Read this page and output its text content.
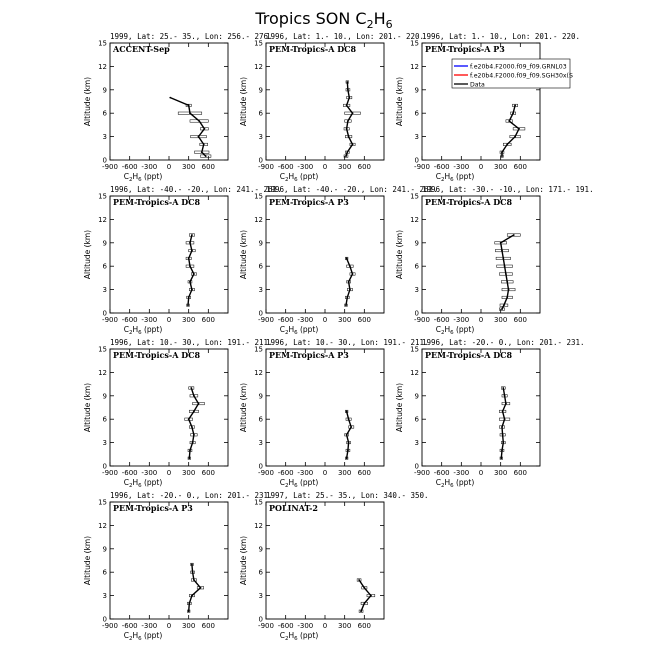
Tropics SON $C_2H_6$
1999, Lat: 25.- 35., Lon: 256.- 276.
ACCENT-Sep
-900 -600 -300 0 300 600
0
3
6
9
12
15
Altitude (km)
$C_2H_6$ (ppt)
1996, Lat: 1.- 10., Lon: 201.- 220.
PEM-Tropics-A DC8
-900 -600 -300 0 300 600
0
3
6
9
12
15
Altitude (km)
$C_2H_6$ (ppt)
1996, Lat: 1.- 10., Lon: 201.- 220.
PEM-Tropics-A P3
-900 -600 -300 0 300 600
0
3
6
9
12
15
Altitude (km)
$C_2H_6$ (ppt)
f.e20b4.F2000.f09_f09.GRNL03
f.e20b4.F2000.f09_f09.SGH30x(S
Data
1996, Lat: -40.- -20., Lon: 241.- 261.
PEM-Tropics-A DC8
-900 -600 -300 0 300 600
0
3
6
9
12
15
Altitude (km)
$C_2H_6$ (ppt)
1996, Lat: -40.- -20., Lon: 241.- 261.
PEM-Tropics-A P3
-900 -600 -300 0 300 600
0
3
6
9
12
15
Altitude (km)
$C_2H_6$ (ppt)
1996, Lat: -30.- -10., Lon: 171.- 191.
PEM-Tropics-A DC8
-900 -600 -300 0 300 600
0
3
6
9
12
15
Altitude (km)
$C_2H_6$ (ppt)
1996, Lat: 10.- 30., Lon: 191.- 211.
PEM-Tropics-A DC8
-900 -600 -300 0 300 600
0
3
6
9
12
15
Altitude (km)
$C_2H_6$ (ppt)
1996, Lat: 10.- 30., Lon: 191.- 211.
PEM-Tropics-A P3
-900 -600 -300 0 300 600
0
3
6
9
12
15
Altitude (km)
$C_2H_6$ (ppt)
1996, Lat: -20.- 0., Lon: 201.- 231.
PEM-Tropics-A DC8
-900 -600 -300 0 300 600
0
3
6
9
12
15
Altitude (km)
$C_2H_6$ (ppt)
1996, Lat: -20.- 0., Lon: 201.- 231.
PEM-Tropics-A P3
-900 -600 -300 0 300 600
0
3
6
9
12
15
Altitude (km)
$C_2H_6$ (ppt)
1997, Lat: 25.- 35., Lon: 340.- 350.
POLINAT-2
-900 -600 -300 0 300 600
0
3
6
9
12
15
Altitude (km)
$C_2H_6$ (ppt)
